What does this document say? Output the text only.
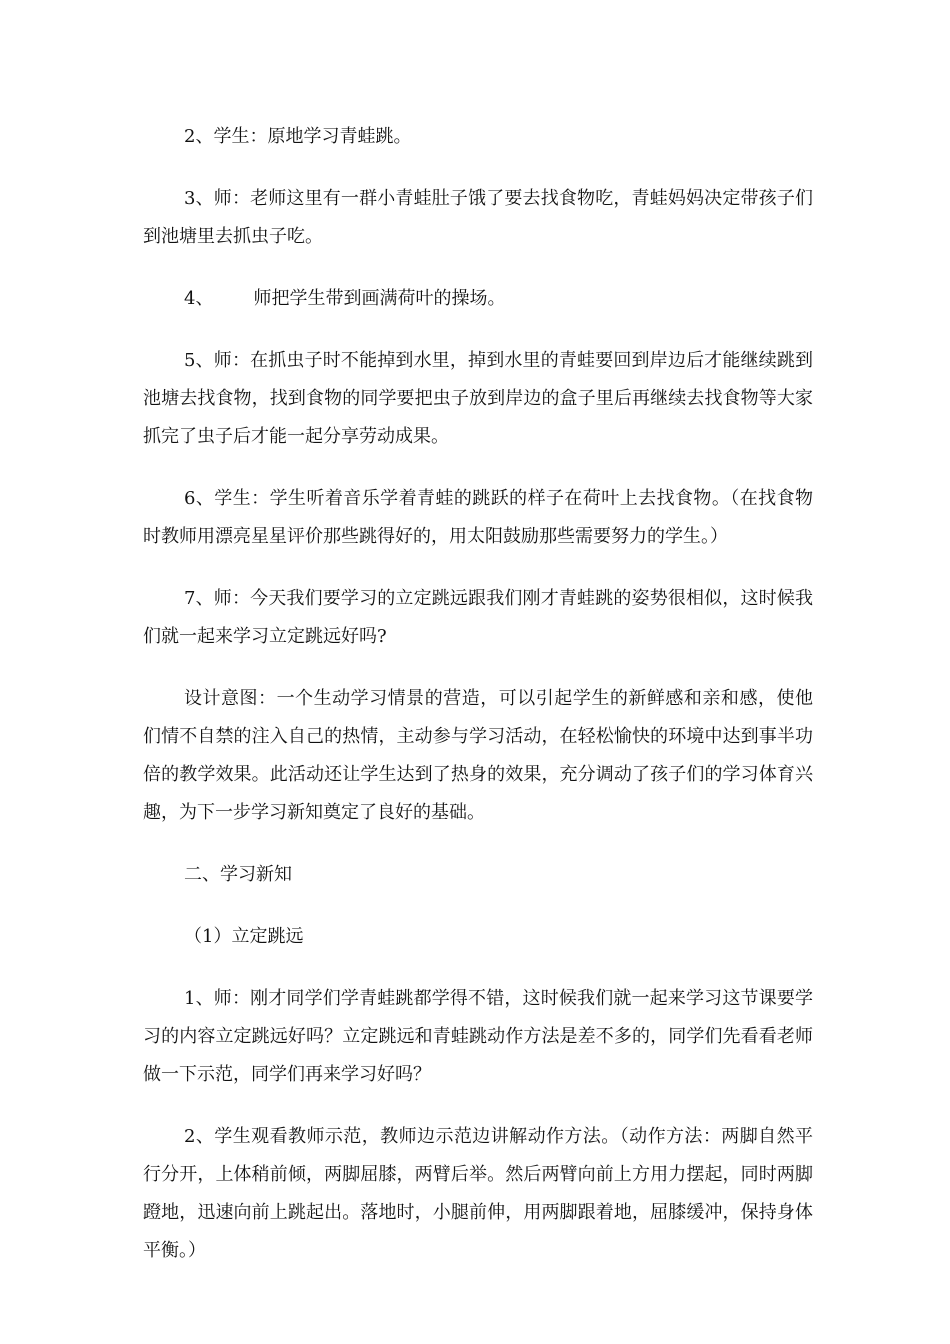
2、学生：原地学习青蛙跳。

3、师：老师这里有一群小青蛙肚子饿了要去找食物吃，青蛙妈妈决定带孩子们到池塘里去抓虫子吃。

4、 师把学生带到画满荷叶的操场。

5、师：在抓虫子时不能掉到水里，掉到水里的青蛙要回到岸边后才能继续跳到池塘去找食物，找到食物的同学要把虫子放到岸边的盒子里后再继续去找食物等大家抓完了虫子后才能一起分享劳动成果。

6、学生：学生听着音乐学着青蛙的跳跃的样子在荷叶上去找食物。（在找食物时教师用漂亮星星评价那些跳得好的，用太阳鼓励那些需要努力的学生。）

7、师：今天我们要学习的立定跳远跟我们刚才青蛙跳的姿势很相似，这时候我们就一起来学习立定跳远好吗?

设计意图：一个生动学习情景的营造，可以引起学生的新鲜感和亲和感，使他们情不自禁的注入自己的热情，主动参与学习活动，在轻松愉快的环境中达到事半功倍的教学效果。此活动还让学生达到了热身的效果，充分调动了孩子们的学习体育兴趣，为下一步学习新知奠定了良好的基础。

二、学习新知

（1）立定跳远

1、师：刚才同学们学青蛙跳都学得不错，这时候我们就一起来学习这节课要学习的内容立定跳远好吗？立定跳远和青蛙跳动作方法是差不多的，同学们先看看老师做一下示范，同学们再来学习好吗？

2、学生观看教师示范，教师边示范边讲解动作方法。（动作方法：两脚自然平行分开，上体稍前倾，两脚屈膝，两臂后举。然后两臂向前上方用力摆起，同时两脚蹬地，迅速向前上跳起出。落地时，小腿前伸，用两脚跟着地，屈膝缓冲，保持身体平衡。）
